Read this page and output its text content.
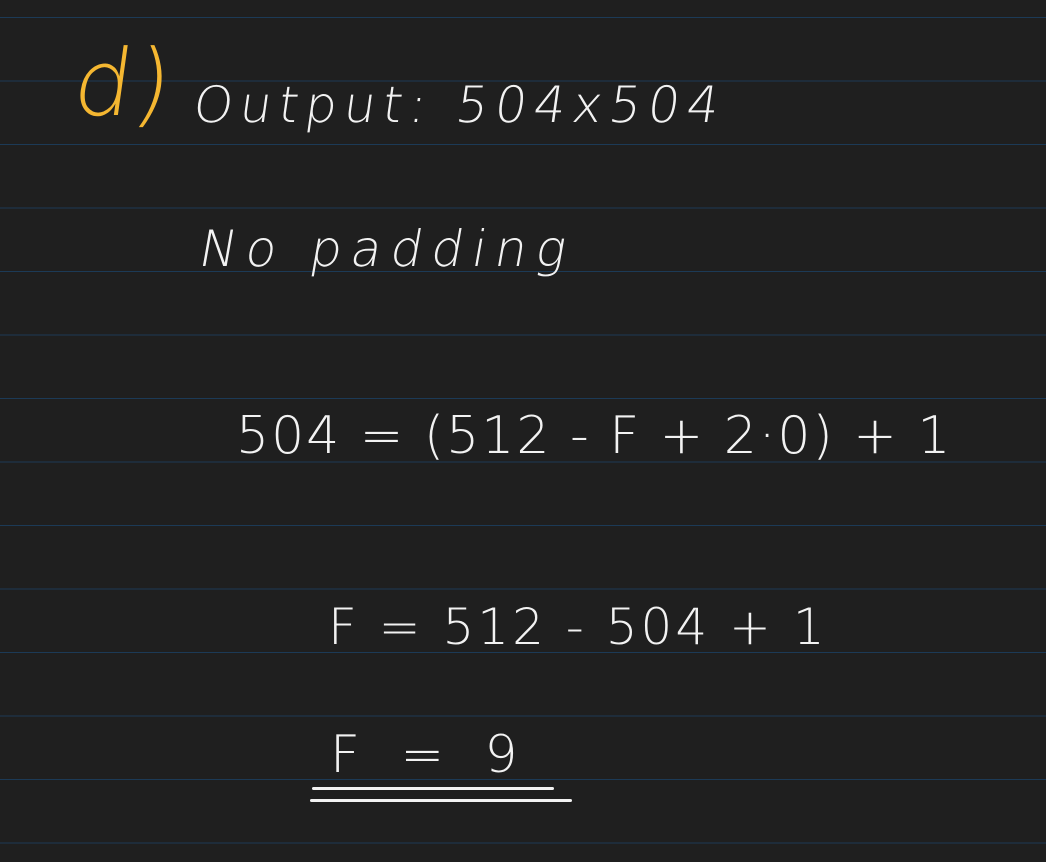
d) Output: 504x504
No padding
504 = (512 - F + 2·0) + 1
F = 512 - 504 + 1
F = 9
